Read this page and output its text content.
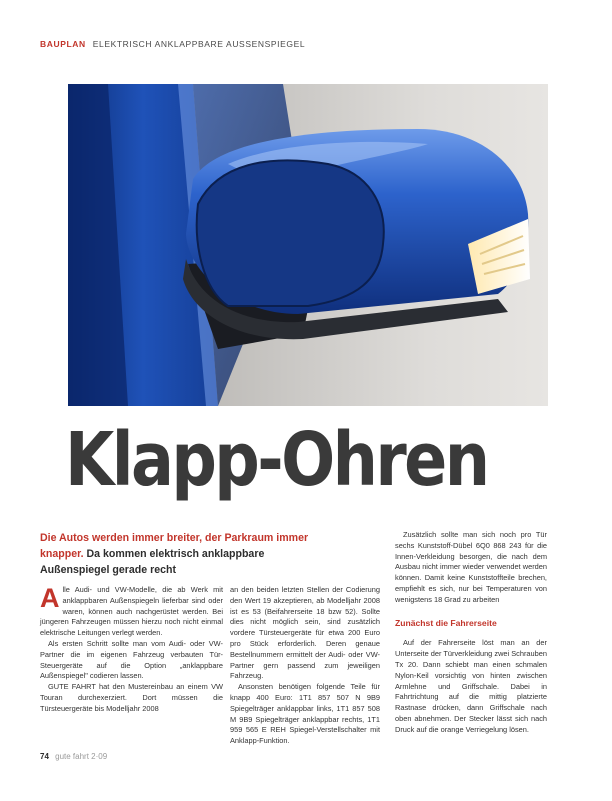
BAUPLAN ELEKTRISCH ANKLAPPBARE AUSSENSPIEGEL
Klapp-Ohren
Die Autos werden immer breiter, der Parkraum immer knapper. Da kommen elektrisch anklappbare Außenspiegel gerade recht

Alle Audi- und VW-Modelle, die ab Werk mit anklappbaren Außenspiegeln lieferbar sind oder waren, können auch nachgerüstet werden. Bei jüngeren Fahrzeugen müssen hierzu noch nicht einmal elektrische Leitungen verlegt werden.

Als ersten Schritt sollte man vom Audi- oder VW-Partner die im eigenen Fahrzeug verbauten Tür-Steuergeräte auf die Option „anklappbare Außenspiegel" codieren lassen.

GUTE FAHRT hat den Mustereinbau an einem VW Touran durchexerziert. Dort müssen die Türsteuergeräte bis Modelljahr 2008

an den beiden letzten Stellen der Codierung den Wert 19 akzeptieren, ab Modelljahr 2008 ist es 53 (Beifahrerseite 18 bzw 52). Sollte dies nicht möglich sein, sind zusätzlich vordere Türsteuergeräte für etwa 200 Euro pro Stück erforderlich. Deren genaue Bestellnummern ermittelt der Audi- oder VW-Partner gern passend zum jeweiligen Fahrzeug.

Ansonsten benötigen folgende Teile für knapp 400 Euro: 1T1 857 507 N 9B9 Spiegelträger anklappbar links, 1T1 857 508 M 9B9 Spiegelträger anklappbar rechts, 1T1 959 565 E REH Spiegel-Verstellschalter mit Anklapp-Funktion.

Zusätzlich sollte man sich noch pro Tür sechs Kunststoff-Dübel 6Q0 868 243 für die Innen-Verkleidung besorgen, die nach dem Ausbau nicht immer wieder verwendet werden können. Damit keine Kunststoffteile brechen, empfiehlt es sich, nur bei Temperaturen von wenigstens 18 Grad zu arbeiten

Zunächst die Fahrerseite

Auf der Fahrerseite löst man an der Unterseite der Türverkleidung zwei Schrauben Tx 20. Dann schiebt man einen schmalen Nylon-Keil vorsichtig von hinten zwischen Armlehne und Griffschale. Dabei in Fahrtrichtung auf die mittig platzierte Rastnase drücken, dann Griffschale nach oben abnehmen. Der Stecker lässt sich nach Druck auf die orange Verriegelung lösen.

74 gute fahrt 2·09
